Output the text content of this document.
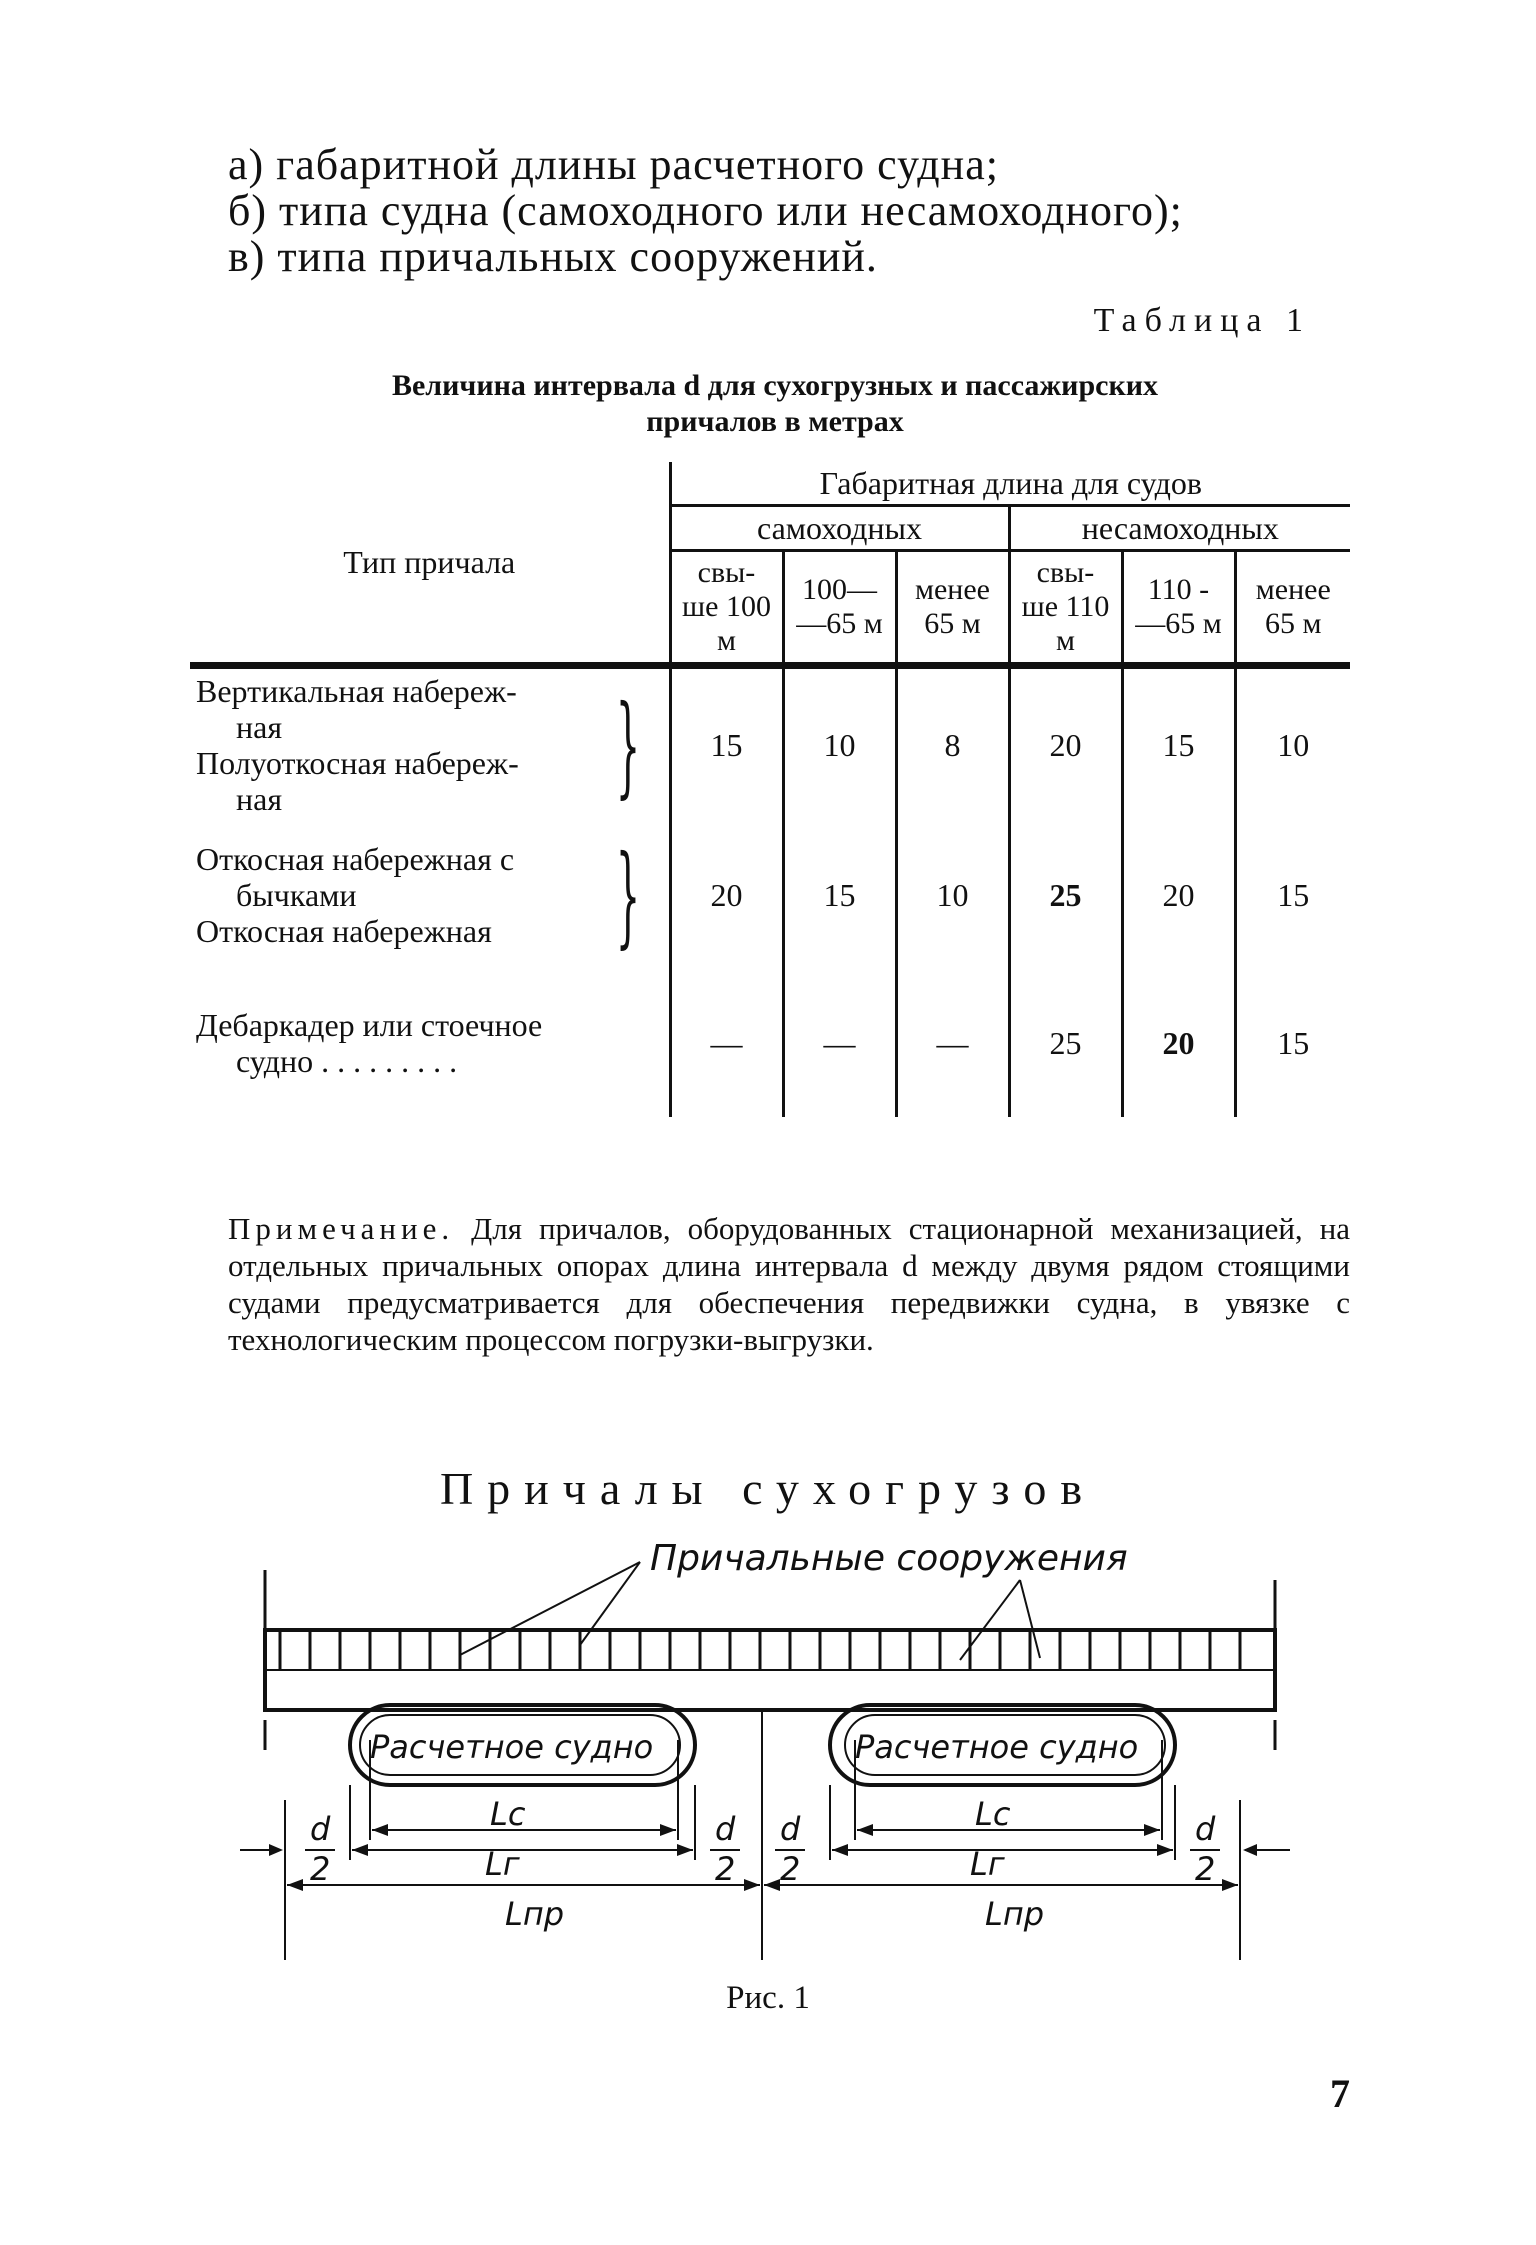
а) габаритной длины расчетного судна;

б) типа судна (самоходного или несамоходного);

в) типа причальных сооружений.

Таблица 1
Величина интервала d для сухогрузных и пассажирских
причалов в метрах
Тип причала	Габаритная длина для судов					
	самоходных			несамоходных		
	свы- ше 100 м	100— —65 м	менее 65 м	свы- ше 110 м	110 - —65 м	менее 65 м

Вертикальная набереж-
ная
Полуоткосная набереж-
ная }	15	10	8	20	15	10

Откосная набережная с
бычками
Откосная набережная }	20	15	10	25	20	15

Дебаркадер или стоечное
судно . . . . . . . . .	—	—	—	25	20	15
Примечание. Для причалов, оборудованных стационарной механизацией, на отдельных причальных опорах длина интервала d между двумя рядом стоящими судами предусматривается для обеспечения передвижки судна, в увязке с технологическим процессом погрузки-выгрузки.
Причалы сухогрузов
Причальные сооружения
Расчетное судно	Расчетное судно
Lс
Lг
Lпр
Lс
Lг
Lпр
d
2
d
2
d
2
d
2
Рис. 1
7
